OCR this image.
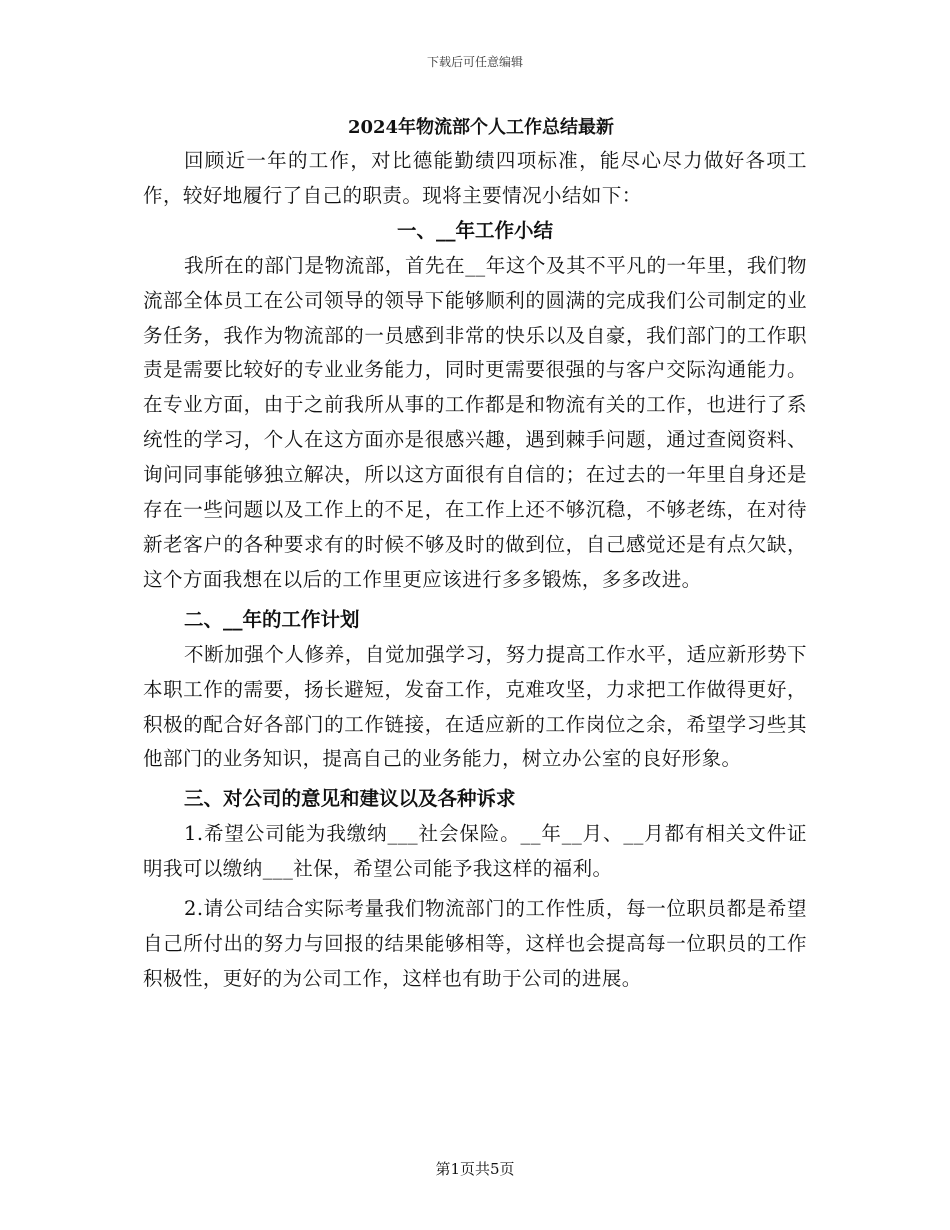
下载后可任意编辑
2024年物流部个人工作总结最新

回顾近一年的工作，对比德能勤绩四项标准，能尽心尽力做好各项工作，较好地履行了自己的职责。现将主要情况小结如下：

一、__年工作小结

我所在的部门是物流部，首先在__年这个及其不平凡的一年里，我们物流部全体员工在公司领导的领导下能够顺利的圆满的完成我们公司制定的业务任务，我作为物流部的一员感到非常的快乐以及自豪，我们部门的工作职责是需要比较好的专业业务能力，同时更需要很强的与客户交际沟通能力。在专业方面，由于之前我所从事的工作都是和物流有关的工作，也进行了系统性的学习，个人在这方面亦是很感兴趣，遇到棘手问题，通过查阅资料、询问同事能够独立解决，所以这方面很有自信的；在过去的一年里自身还是存在一些问题以及工作上的不足，在工作上还不够沉稳，不够老练，在对待新老客户的各种要求有的时候不够及时的做到位，自己感觉还是有点欠缺，这个方面我想在以后的工作里更应该进行多多锻炼，多多改进。

二、__年的工作计划

不断加强个人修养，自觉加强学习，努力提高工作水平，适应新形势下本职工作的需要，扬长避短，发奋工作，克难攻坚，力求把工作做得更好，积极的配合好各部门的工作链接，在适应新的工作岗位之余，希望学习些其他部门的业务知识，提高自己的业务能力，树立办公室的良好形象。

三、对公司的意见和建议以及各种诉求

1.希望公司能为我缴纳___社会保险。__年__月、__月都有相关文件证明我可以缴纳___社保，希望公司能予我这样的福利。

2.请公司结合实际考量我们物流部门的工作性质，每一位职员都是希望自己所付出的努力与回报的结果能够相等，这样也会提高每一位职员的工作积极性，更好的为公司工作，这样也有助于公司的进展。

第1页共5页
